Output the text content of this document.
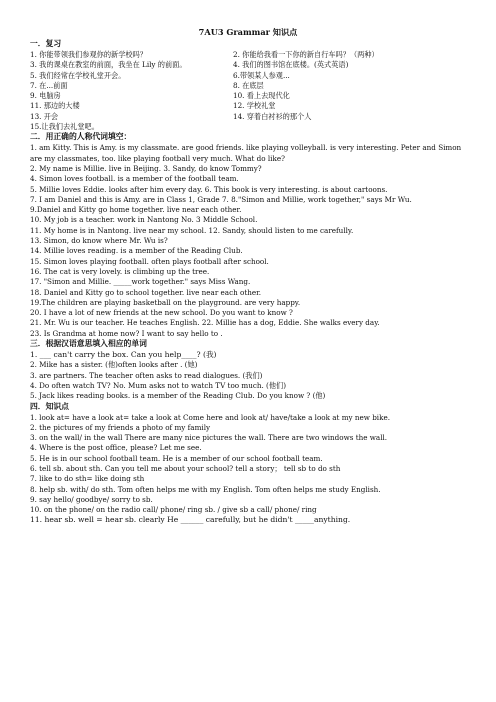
7AU3 Grammar 知识点
一．复习
1. 你能带领我们参观你的新学校吗？	2. 你能给我看一下你的新自行车吗？（两种）
3. 我的课桌在教室的前面，我坐在 Lily 的前面。	4. 我们的图书馆在底楼。(英式英语)
5. 我们经常在学校礼堂开会。	6.带领某人参观...
7. 在...前面	8. 在底层
9. 电脑房	10. 看上去现代化
11. 那边的大楼	12. 学校礼堂
13. 开会	14. 穿着白衬衫的那个人
15.让我们去礼堂吧。
二．用正确的人称代词填空：
1. am Kitty. This is Amy. is my classmate. are good friends. like playing volleyball. is very interesting. Peter and Simon are my classmates, too. like playing football very much. What do like?
2. My name is Millie. live in Beijing. 3. Sandy, do know Tommy?
4. Simon loves football. is a member of the football team.
5. Millie loves Eddie. looks after him every day. 6. This book is very interesting. is about cartoons.
7. I am Daniel and this is Amy. are in Class 1, Grade 7. 8."Simon and Millie, work together," says Mr Wu.
9.Daniel and Kitty go home together. live near each other.
10. My job is a teacher. work in Nantong No. 3 Middle School.
11. My home is in Nantong. live near my school. 12. Sandy, should listen to me carefully.
13. Simon, do know where Mr. Wu is?
14. Millie loves reading. is a member of the Reading Club.
15. Simon loves playing football. often plays football after school.
16. The cat is very lovely. is climbing up the tree.
17. "Simon and Millie. _____work together." says Miss Wang.
18. Daniel and Kitty go to school together. live near each other.
19.The children are playing basketball on the playground. are very happy.
20. I have a lot of new friends at the new school. Do you want to know ?
21. Mr. Wu is our teacher. He teaches English. 22. Millie has a dog, Eddie. She walks every day.
23. Is Grandma at home now? I want to say hello to .
三．根据汉语意思填入相应的单词
1. ___ can't carry the box. Can you help____? (我)
2. Mike has a sister. (他)often looks after . (她)
3. are partners. The teacher often asks to read dialogues. (我们)
4. Do often watch TV? No. Mum asks not to watch TV too much. (他们)
5. Jack likes reading books. is a member of the Reading Club. Do you know ? (他)
四．知识点
1. look at= have a look at= take a look at Come here and look at/ have/take a look at my new bike.
2. the pictures of my friends a photo of my family
3. on the wall/ in the wall There are many nice pictures the wall. There are two windows the wall.
4. Where is the post office, please? Let me see.
5. He is in our school football team. He is a member of our school football team.
6. tell sb. about sth. Can you tell me about your school? tell a story； tell sb to do sth
7. like to do sth= like doing sth
8. help sb. with/ do sth. Tom often helps me with my English. Tom often helps me study English.
9. say hello/ goodbye/ sorry to sb.
10. on the phone/ on the radio call/ phone/ ring sb. / give sb a call/ phone/ ring
11. hear sb. well = hear sb. clearly He ______ carefully, but he didn't _____anything.
